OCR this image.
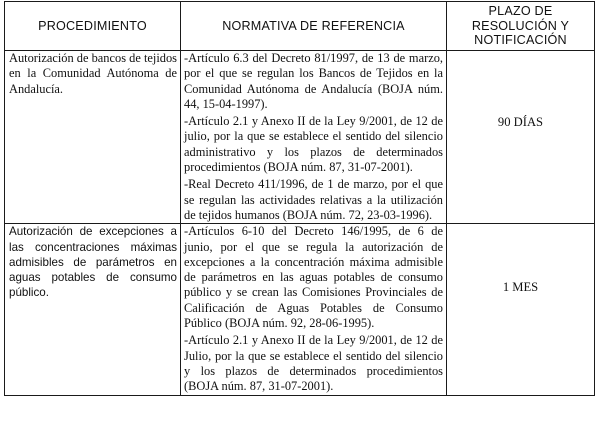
PROCEDIMIENTO	NORMATIVA DE REFERENCIA	PLAZO DE
RESOLUCIÓN Y
NOTIFICACIÓN

Autorización de bancos de tejidos en la Comunidad Autónoma de Andalucía.	-Artículo 6.3 del Decreto 81/1997, de 13 de marzo, por el que se regulan los Bancos de Tejidos en la Comunidad Autónoma de Andalucía (BOJA núm. 44, 15-04-1997).
-Artículo 2.1 y Anexo II de la Ley 9/2001, de 12 de julio, por la que se establece el sentido del silencio administrativo y los plazos de determinados procedimientos (BOJA núm. 87, 31-07-2001).
-Real Decreto 411/1996, de 1 de marzo, por el que se regulan las actividades relativas a la utilización de tejidos humanos (BOJA núm. 72, 23-03-1996).	90 DÍAS

Autorización de excepciones a las concentraciones máximas admisibles de parámetros en aguas potables de consumo público.	-Artículos 6-10 del Decreto 146/1995, de 6 de junio, por el que se regula la autorización de excepciones a la concentración máxima admisible de parámetros en las aguas potables de consumo público y se crean las Comisiones Provinciales de Calificación de Aguas Potables de Consumo Público (BOJA núm. 92, 28-06-1995).
-Artículo 2.1 y Anexo II de la Ley 9/2001, de 12 de Julio, por la que se establece el sentido del silencio y los plazos de determinados procedimientos (BOJA núm. 87, 31-07-2001).	1 MES
